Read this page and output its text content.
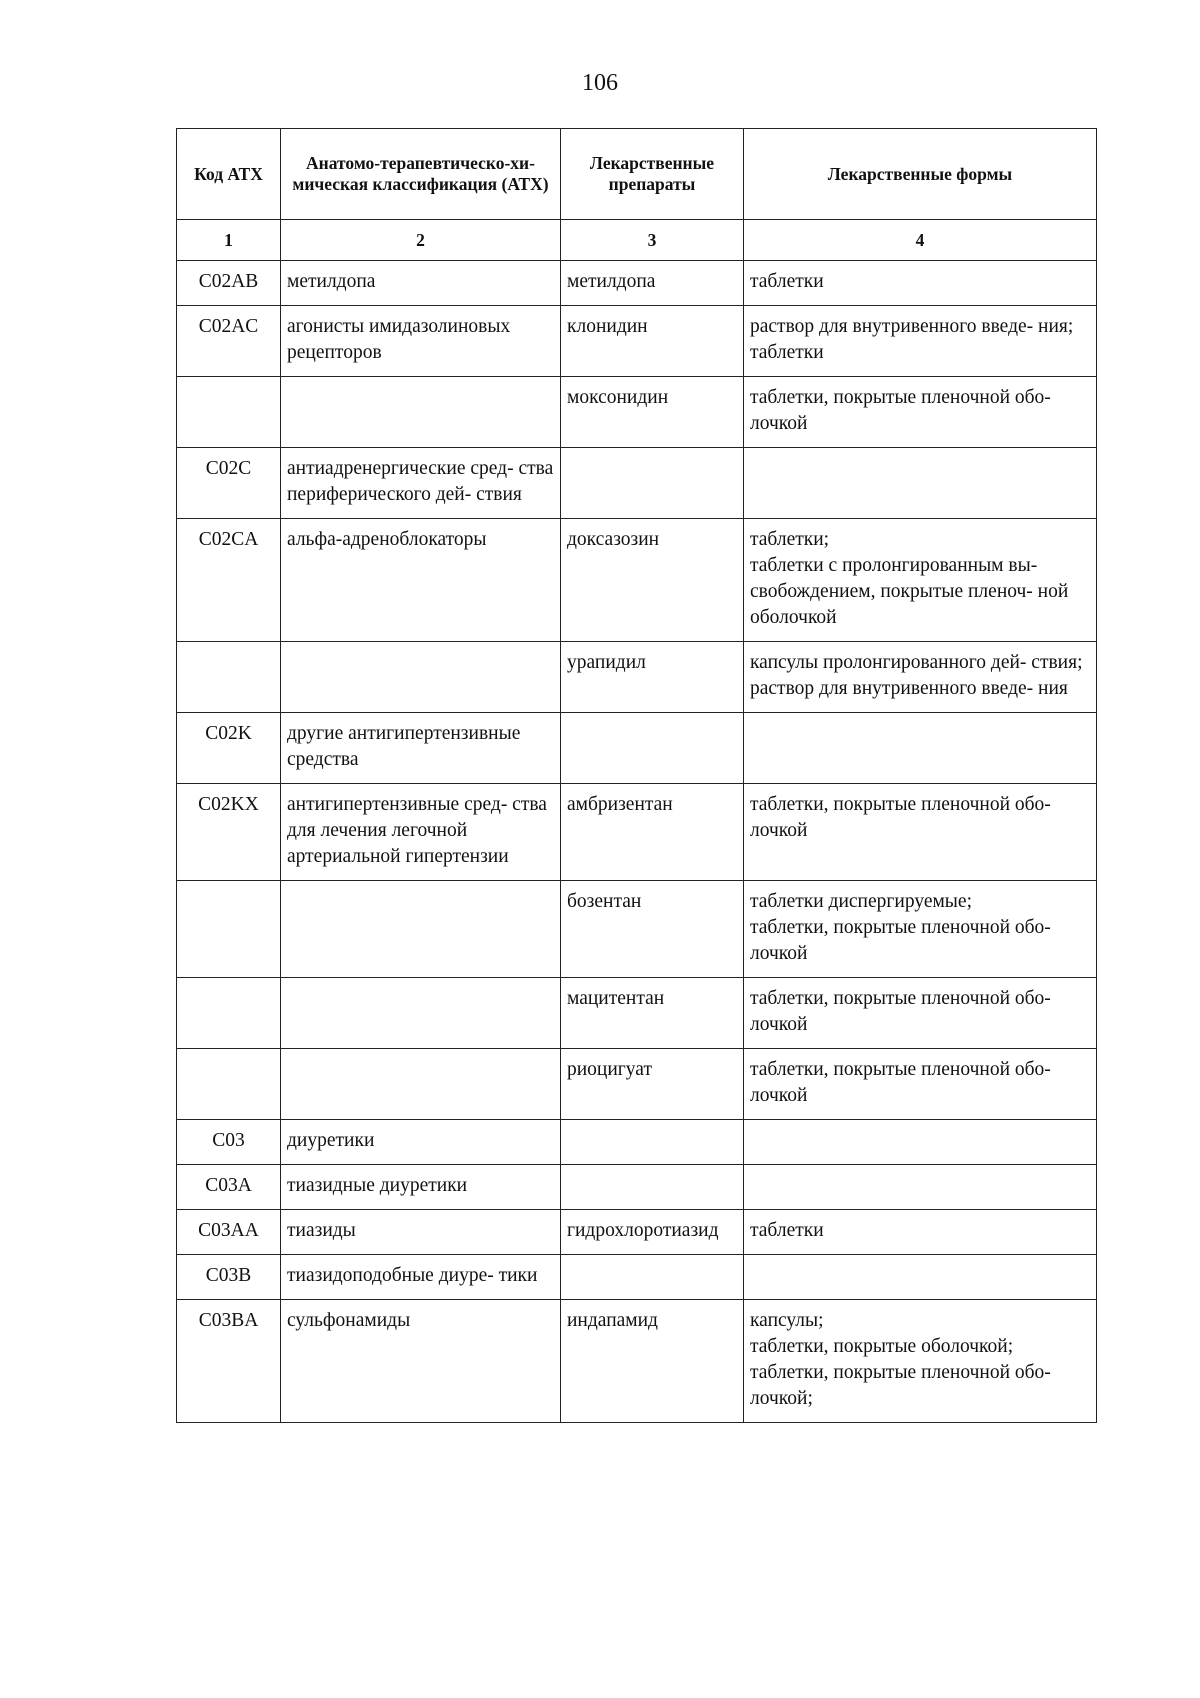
106
Код АТХ	Анатомо-терапевтическо-хи- мическая классификация (АТХ)	Лекарственные препараты	Лекарственные формы
1	2	3	4
C02AB	метилдопа	метилдопа	таблетки

C02AC	агонисты имидазолиновых рецепторов	клонидин	раствор для внутривенного введе- ния;
таблетки

		моксонидин	таблетки, покрытые пленочной обо- лочкой

C02C	антиадренергические сред- ства периферического дей- ствия		
C02CA	альфа-адреноблокаторы	доксазозин	таблетки;
таблетки с пролонгированным вы- свобождением, покрытые пленоч- ной оболочкой

		урапидил	капсулы пролонгированного дей- ствия;
раствор для внутривенного введе- ния

C02K	другие антигипертензивные средства		
C02KX	антигипертензивные сред- ства для лечения легочной артериальной гипертензии	амбризентан	таблетки, покрытые пленочной обо- лочкой

		бозентан	таблетки диспергируемые;
таблетки, покрытые пленочной обо- лочкой

		мацитентан	таблетки, покрытые пленочной обо- лочкой

		риоцигуат	таблетки, покрытые пленочной обо- лочкой

C03	диуретики		
C03A	тиазидные диуретики		
C03AA	тиазиды	гидрохлоротиазид	таблетки

C03B	тиазидоподобные диуре- тики		
C03BA	сульфонамиды	индапамид	капсулы;
таблетки, покрытые оболочкой;
таблетки, покрытые пленочной обо- лочкой;
